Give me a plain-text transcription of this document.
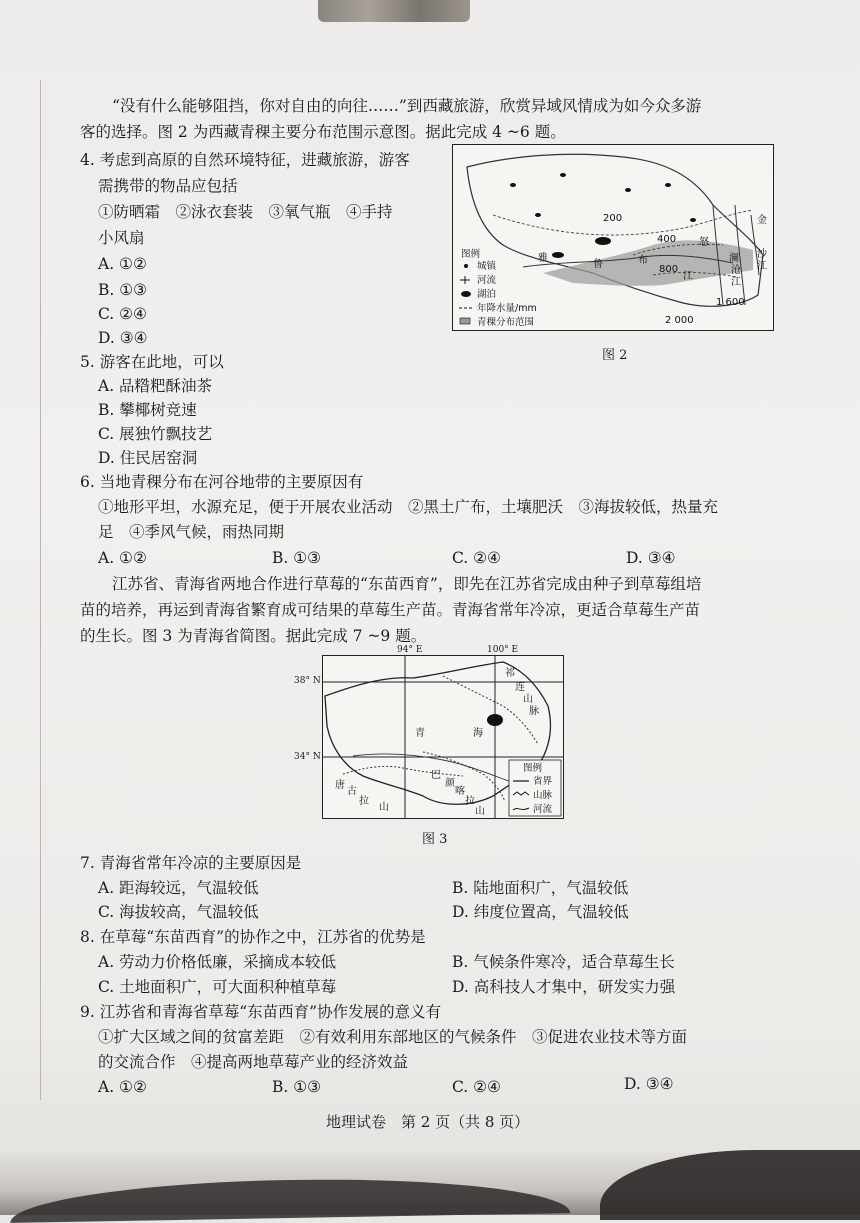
“没有什么能够阻挡，你对自由的向往……”到西藏旅游，欣赏异域风情成为如今众多游
客的选择。图 2 为西藏青稞主要分布范围示意图。据此完成 4 ~6 题。
4. 考虑到高原的自然环境特征，进藏旅游，游客
需携带的物品应包括
①防晒霜　②泳衣套装　③氧气瓶　④手持
小风扇
A. ①②
B. ①③
C. ②④
D. ③④
200
400
800
1 600
2 000
雅
鲁	布
江
怒
澜
沧
江
金
沙
江
图例
城镇
河流
湖泊
年降水量/mm
青稞分布范围
图 2
5. 游客在此地，可以
A. 品糌粑酥油茶
B. 攀椰树竞速
C. 展独竹飘技艺
D. 住民居窑洞
6. 当地青稞分布在河谷地带的主要原因有
①地形平坦，水源充足，便于开展农业活动　②黑土广布，土壤肥沃　③海拔较低，热量充
足　④季风气候，雨热同期
A. ①②	B. ①③	C. ②④	D. ③④
江苏省、青海省两地合作进行草莓的“东苗西育”，即先在江苏省完成由种子到草莓组培
苗的培养，再运到青海省繁育成可结果的草莓生产苗。青海省常年冷凉，更适合草莓生产苗
的生长。图 3 为青海省简图。据此完成 7 ~9 题。
94° E	100° E
38° N
34° N
祁
连
山
脉
青	海
唐
古
拉
山
巴
颜
喀
拉
山
图例
省界
山脉
河流
图 3
7. 青海省常年冷凉的主要原因是
A. 距海较远，气温较低	B. 陆地面积广，气温较低
C. 海拔较高，气温较低	D. 纬度位置高，气温较低
8. 在草莓“东苗西育”的协作之中，江苏省的优势是
A. 劳动力价格低廉，采摘成本较低	B. 气候条件寒冷，适合草莓生长
C. 土地面积广，可大面积种植草莓	D. 高科技人才集中，研发实力强
9. 江苏省和青海省草莓“东苗西育”协作发展的意义有
①扩大区域之间的贫富差距　②有效利用东部地区的气候条件　③促进农业技术等方面
的交流合作　④提高两地草莓产业的经济效益
A. ①②	B. ①③	C. ②④	D. ③④
地理试卷　第 2 页（共 8 页）
